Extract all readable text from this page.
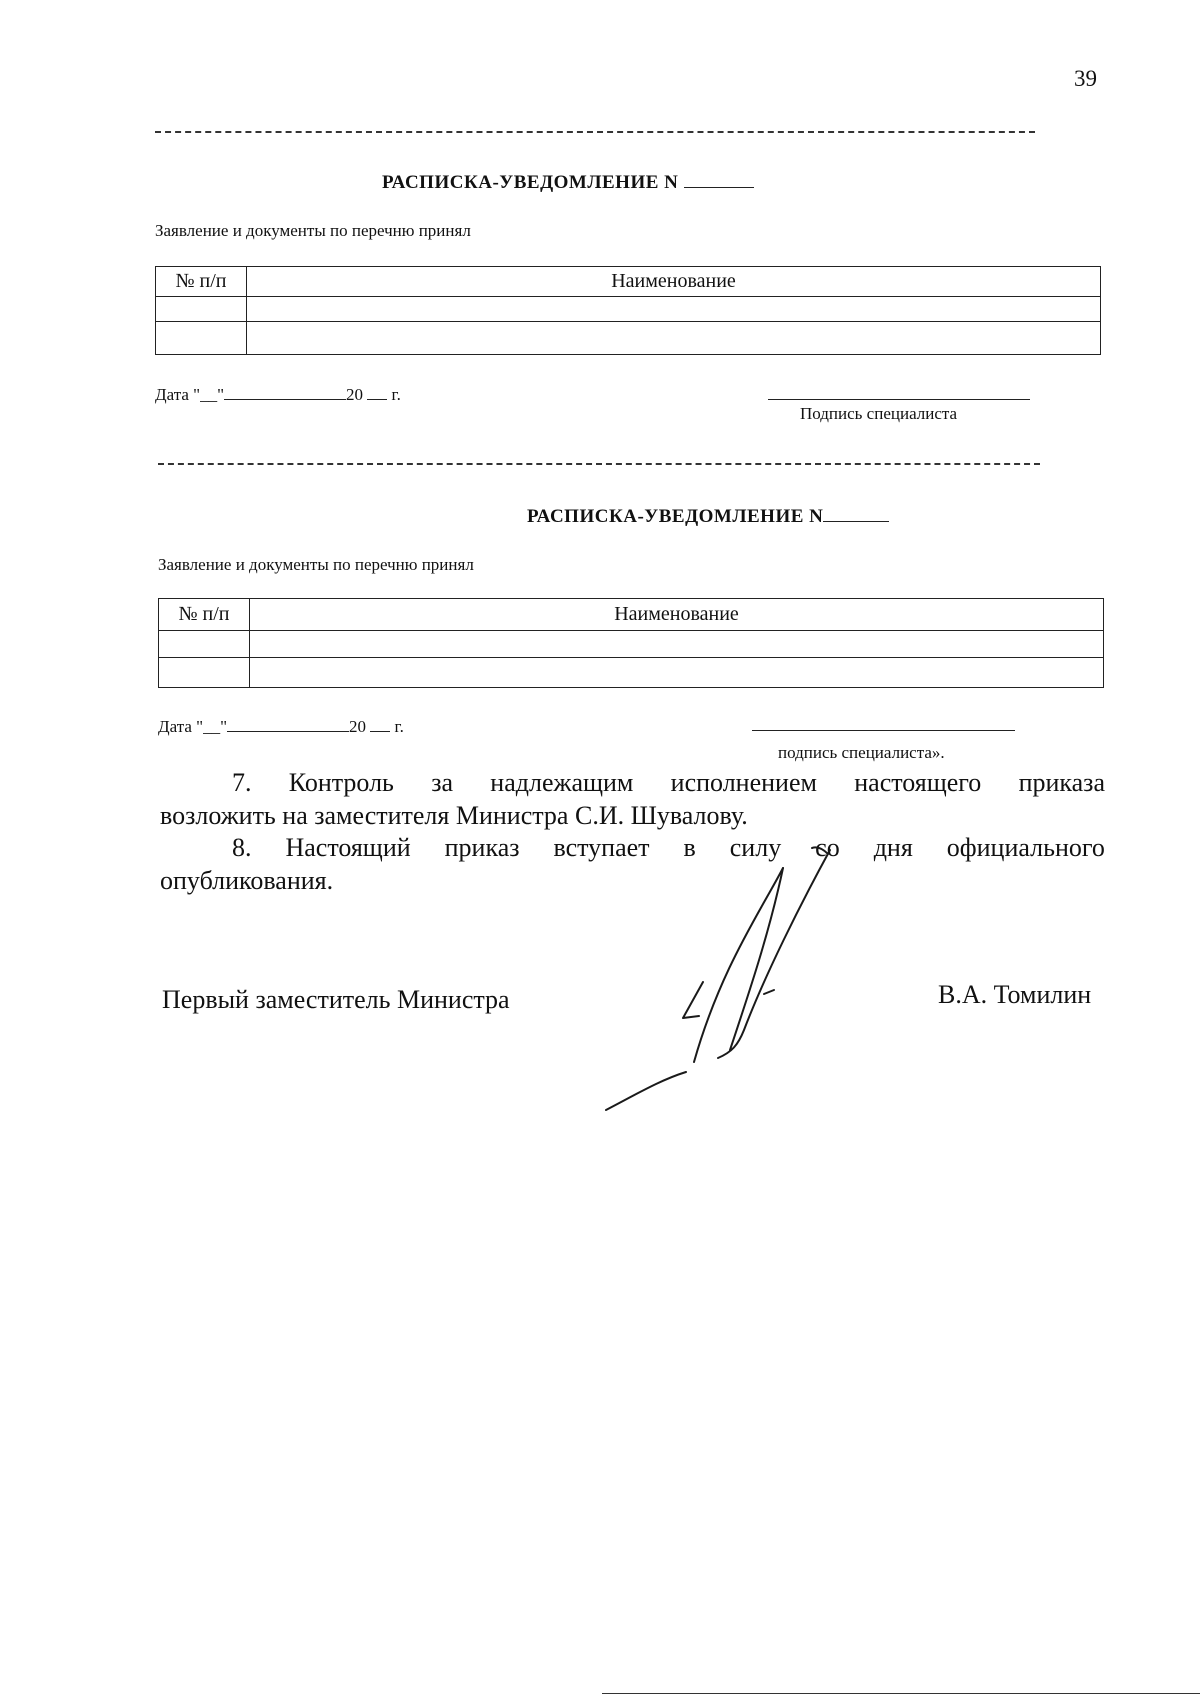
39
РАСПИСКА-УВЕДОМЛЕНИЕ N
Заявление и документы по перечню принял
№ п/п	Наименование

Дата "__"	20 г.
Подпись специалиста
РАСПИСКА-УВЕДОМЛЕНИЕ N
Заявление и документы по перечню принял
№ п/п	Наименование

Дата "__"	20 г.
подпись специалиста».
7. Контроль за надлежащим исполнением настоящего приказа
возложить на заместителя Министра С.И. Шувалову.
8. Настоящий приказ вступает в силу со дня официального
опубликования.
Первый заместитель Министра	В.А. Томилин
